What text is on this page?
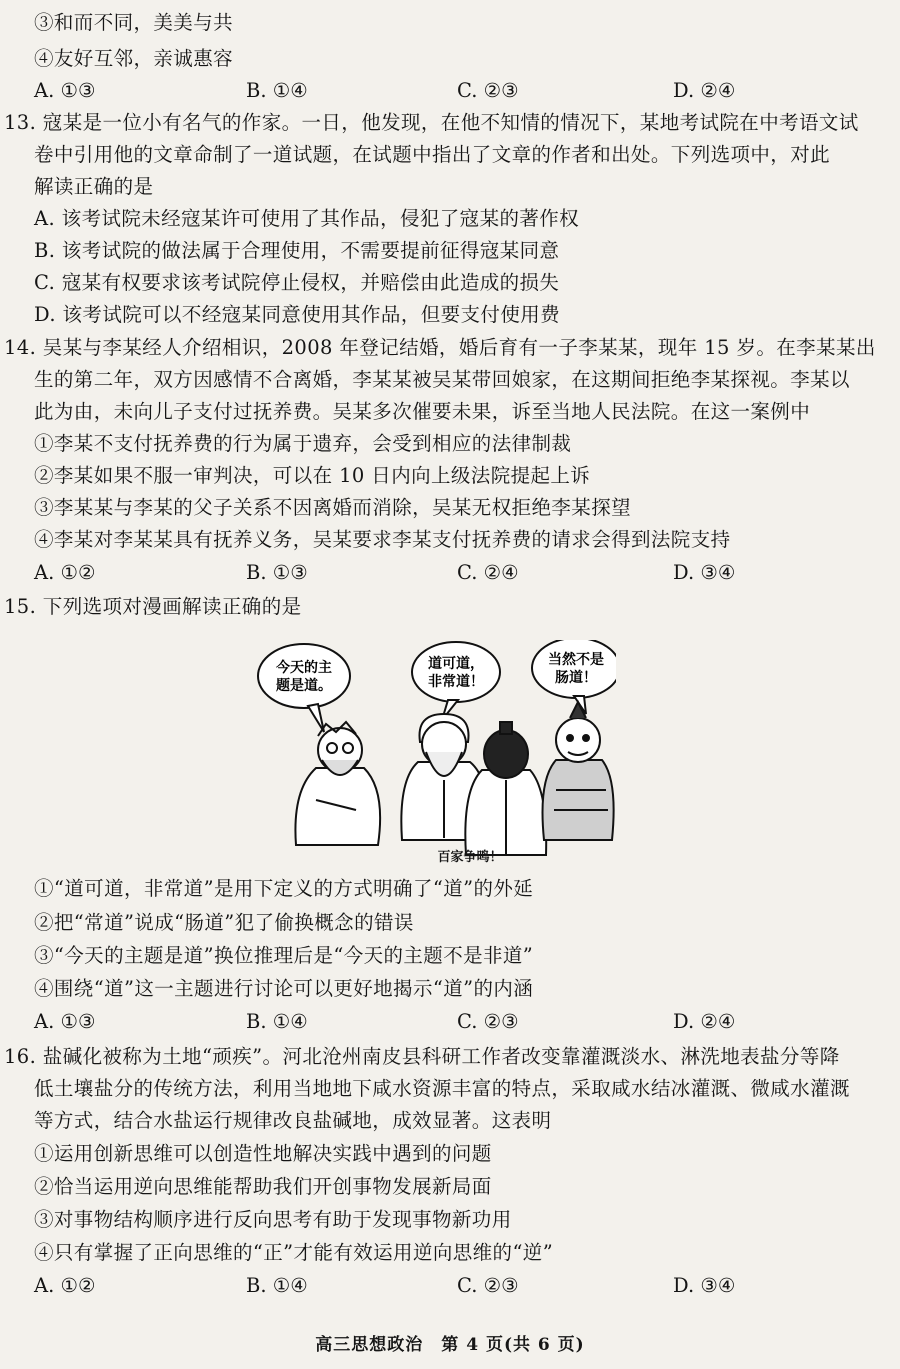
③和而不同，美美与共
④友好互邻，亲诚惠容
A. ①③	B. ①④	C. ②③	D. ②④
13. 寇某是一位小有名气的作家。一日，他发现，在他不知情的情况下，某地考试院在中考语文试
卷中引用他的文章命制了一道试题，在试题中指出了文章的作者和出处。下列选项中，对此
解读正确的是
A. 该考试院未经寇某许可使用了其作品，侵犯了寇某的著作权
B. 该考试院的做法属于合理使用，不需要提前征得寇某同意
C. 寇某有权要求该考试院停止侵权，并赔偿由此造成的损失
D. 该考试院可以不经寇某同意使用其作品，但要支付使用费
14. 吴某与李某经人介绍相识，2008 年登记结婚，婚后育有一子李某某，现年 15 岁。在李某某出
生的第二年，双方因感情不合离婚，李某某被吴某带回娘家，在这期间拒绝李某探视。李某以
此为由，未向儿子支付过抚养费。吴某多次催要未果，诉至当地人民法院。在这一案例中
①李某不支付抚养费的行为属于遗弃，会受到相应的法律制裁
②李某如果不服一审判决，可以在 10 日内向上级法院提起上诉
③李某某与李某的父子关系不因离婚而消除，吴某无权拒绝李某探望
④李某对李某某具有抚养义务，吴某要求李某支付抚养费的请求会得到法院支持
A. ①②	B. ①③	C. ②④	D. ③④
15. 下列选项对漫画解读正确的是
今天的主
题是道。
道可道，
非常道！
当然不是
肠道！
百家争鸣！
①“道可道，非常道”是用下定义的方式明确了“道”的外延
②把“常道”说成“肠道”犯了偷换概念的错误
③“今天的主题是道”换位推理后是“今天的主题不是非道”
④围绕“道”这一主题进行讨论可以更好地揭示“道”的内涵
A. ①③	B. ①④	C. ②③	D. ②④
16. 盐碱化被称为土地“顽疾”。河北沧州南皮县科研工作者改变靠灌溉淡水、淋洗地表盐分等降
低土壤盐分的传统方法，利用当地地下咸水资源丰富的特点，采取咸水结冰灌溉、微咸水灌溉
等方式，结合水盐运行规律改良盐碱地，成效显著。这表明
①运用创新思维可以创造性地解决实践中遇到的问题
②恰当运用逆向思维能帮助我们开创事物发展新局面
③对事物结构顺序进行反向思考有助于发现事物新功用
④只有掌握了正向思维的“正”才能有效运用逆向思维的“逆”
A. ①②	B. ①④	C. ②③	D. ③④
高三思想政治　第 4 页(共 6 页)
